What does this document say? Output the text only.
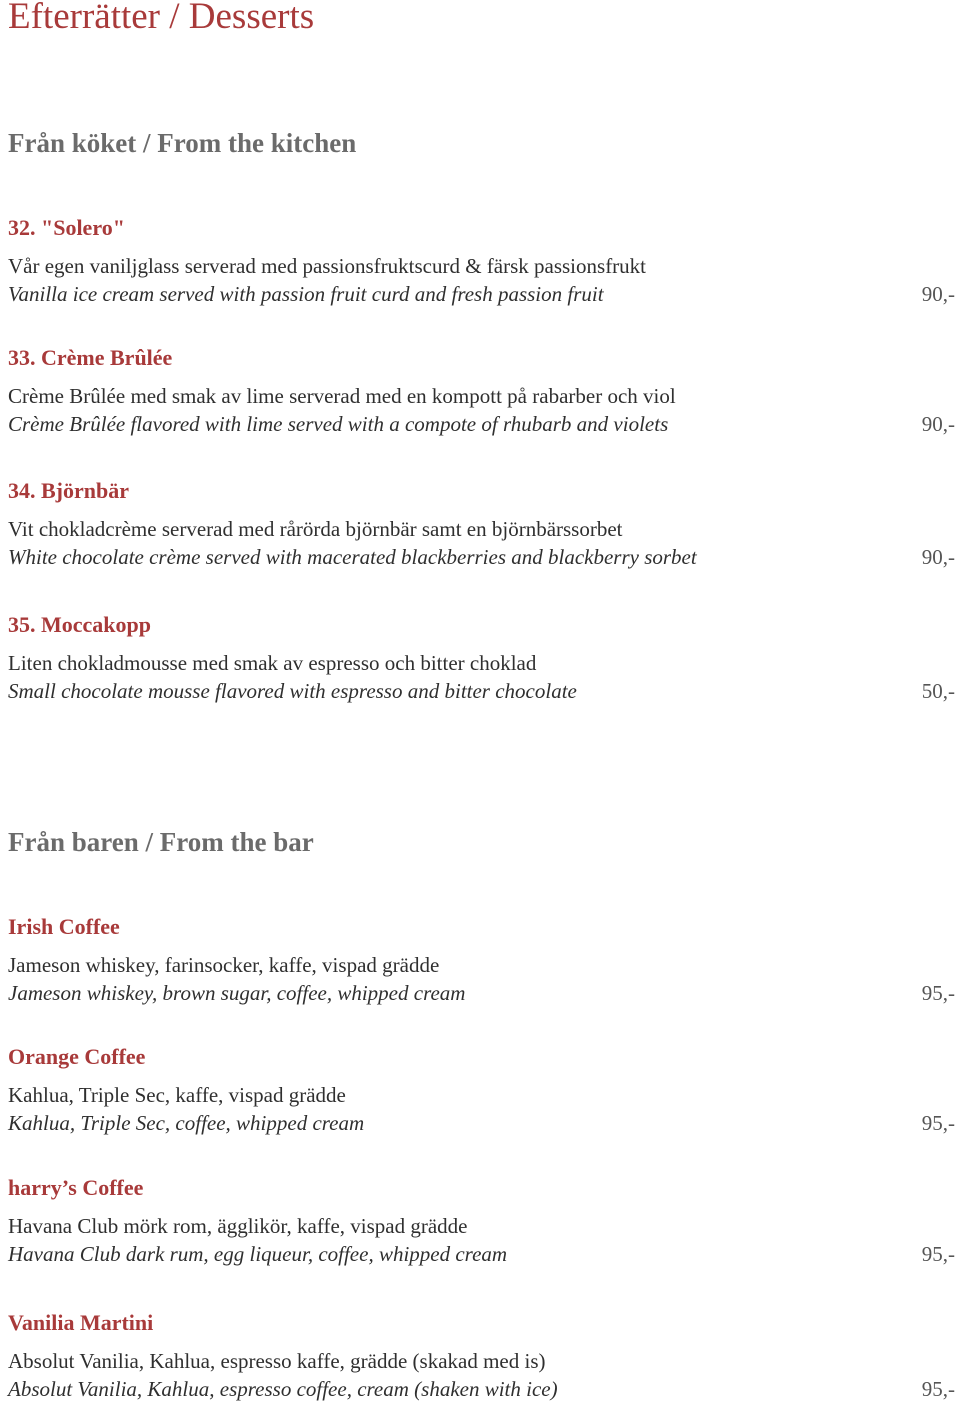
Efterrätter / Desserts
Från köket / From the kitchen
32. "Solero"
Vår egen vaniljglass serverad med passionsfruktscurd & färsk passionsfrukt
Vanilla ice cream served with passion fruit curd and fresh passion fruit	90,-
33. Crème Brûlée
Crème Brûlée med smak av lime serverad med en kompott på rabarber och viol
Crème Brûlée flavored with lime served with a compote of rhubarb and violets	90,-
34. Björnbär
Vit chokladcrème serverad med rårörda björnbär samt en björnbärssorbet
White chocolate crème served with macerated blackberries and blackberry sorbet	90,-
35. Moccakopp
Liten chokladmousse med smak av espresso och bitter choklad
Small chocolate mousse flavored with espresso and bitter chocolate	50,-
Från baren / From the bar
Irish Coffee
Jameson whiskey, farinsocker, kaffe, vispad grädde
Jameson whiskey, brown sugar, coffee, whipped cream	95,-
Orange Coffee
Kahlua, Triple Sec, kaffe, vispad grädde
Kahlua, Triple Sec, coffee, whipped cream	95,-
harry’s Coffee
Havana Club mörk rom, ägglikör, kaffe, vispad grädde
Havana Club dark rum, egg liqueur, coffee, whipped cream	95,-
Vanilia Martini
Absolut Vanilia, Kahlua, espresso kaffe, grädde (skakad med is)
Absolut Vanilia, Kahlua, espresso coffee, cream (shaken with ice)	95,-
